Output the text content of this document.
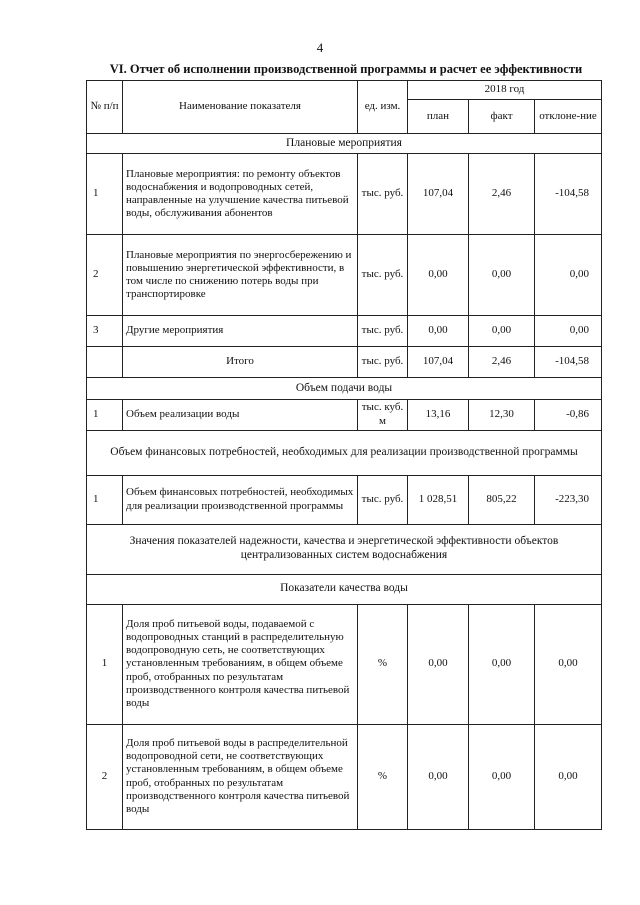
4
VI. Отчет об исполнении производственной программы и расчет ее эффективности
№ п/п	Наименование показателя	ед. изм.	2018 год		
			план	факт	отклоне-ние
Плановые мероприятия					
1	Плановые мероприятия: по ремонту объектов водоснабжения и водопроводных сетей, направленные на улучшение качества питьевой воды, обслуживания абонентов	тыс. руб.	107,04	2,46	-104,58
2	Плановые мероприятия по энергосбережению и повышению энергетической эффективности, в том числе по снижению потерь воды при транспортировке	тыс. руб.	0,00	0,00	0,00
3	Другие мероприятия	тыс. руб.	0,00	0,00	0,00
	Итого	тыс. руб.	107,04	2,46	-104,58
Объем подачи воды					
1	Объем реализации воды	тыс. куб. м	13,16	12,30	-0,86
Объем финансовых потребностей, необходимых для реализации производственной программы					
1	Объем финансовых потребностей, необходимых для реализации производственной программы	тыс. руб.	1 028,51	805,22	-223,30
Значения показателей надежности, качества и энергетической эффективности объектов централизованных систем водоснабжения					
Показатели качества воды					
1	Доля проб питьевой воды, подаваемой с водопроводных станций в распределительную водопроводную сеть, не соответствующих установленным требованиям, в общем объеме проб, отобранных по результатам производственного контроля качества питьевой воды	%	0,00	0,00	0,00
2	Доля проб питьевой воды в распределительной водопроводной сети, не соответствующих установленным требованиям, в общем объеме проб, отобранных по результатам производственного контроля качества питьевой воды	%	0,00	0,00	0,00
